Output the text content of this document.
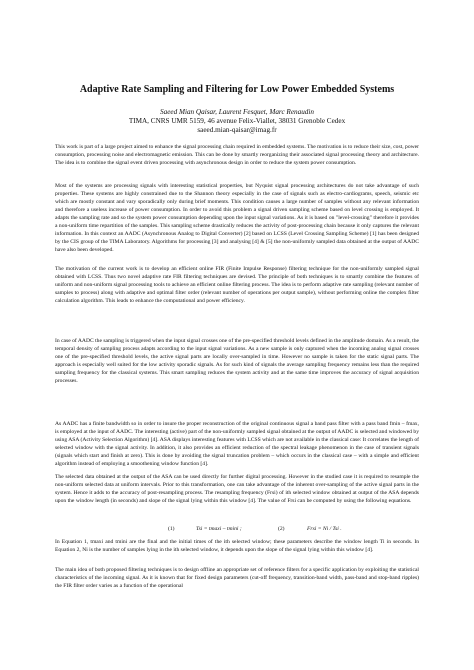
Adaptive Rate Sampling and Filtering for Low Power Embedded Systems
Saeed Mian Qaisar, Laurent Fesquet, Marc Renaudin
TIMA, CNRS UMR 5159, 46 avenue Felix-Viallet, 38031 Grenoble Cedex
saeed.mian-qaisar@imag.fr

This work is part of a large project aimed to enhance the signal processing chain required in embedded systems. The motivation is to reduce their size, cost, power consumption, processing noise and electromagnetic emission. This can be done by smartly reorganizing their associated signal processing theory and architecture. The idea is to combine the signal event driven processing with asynchronous design in order to reduce the system power consumption.

Most of the systems are processing signals with interesting statistical properties, but Nyquist signal processing architectures do not take advantage of such properties. These systems are highly constrained due to the Shannon theory especially in the case of signals such as electro-cardiograms, speech, seismic etc which are mostly constant and vary sporadically only during brief moments. This condition causes a large number of samples without any relevant information and therefore a useless increase of power consumption. In order to avoid this problem a signal driven sampling scheme based on level crossing is employed. It adapts the sampling rate and so the system power consumption depending upon the input signal variations. As it is based on "level-crossing" therefore it provides a non-uniform time repartition of the samples. This sampling scheme drastically reduces the activity of post-processing chain because it only captures the relevant information. In this context an AADC (Asynchronous Analog to Digital Converter) [2] based on LCSS (Level Crossing Sampling Scheme) [1] has been designed by the CIS group of the TIMA Laboratory. Algorithms for processing [3] and analysing [4] & [5] the non-uniformly sampled data obtained at the output of AADC have also been developed.

The motivation of the current work is to develop an efficient online FIR (Finite Impulse Response) filtering technique for the non-uniformly sampled signal obtained with LCSS. Thus two novel adaptive rate FIR filtering techniques are devised. The principle of both techniques is to smartly combine the features of uniform and non-uniform signal processing tools to achieve an efficient online filtering process. The idea is to perform adaptive rate sampling (relevant number of samples to process) along with adaptive and optimal filter order (relevant number of operations per output sample), without performing online the complex filter calculation algorithm. This leads to enhance the computational and power efficiency.

In case of AADC the sampling is triggered when the input signal crosses one of the pre-specified threshold levels defined in the amplitude domain. As a result, the temporal density of sampling process adapts according to the input signal variations. As a new sample is only captured when the incoming analog signal crosses one of the pre-specified threshold levels, the active signal parts are locally over-sampled in time. However no sample is taken for the static signal parts. The approach is especially well suited for the low activity sporadic signals. As for such kind of signals the average sampling frequency remains less than the required sampling frequency for the classical systems. This smart sampling reduces the system activity and at the same time improves the accuracy of signal acquisition processes.

As AADC has a finite bandwidth so in order to insure the proper reconstruction of the original continuous signal a band pass filter with a pass band fmin – fmax, is employed at the input of AADC. The interesting (active) part of the non-uniformly sampled signal obtained at the output of AADC is selected and windowed by using ASA (Activity Selection Algorithm) [4]. ASA displays interesting features with LCSS which are not available in the classical case: It correlates the length of selected window with the signal activity. In addition, it also provides an efficient reduction of the spectral leakage phenomenon in the case of transient signals (signals which start and finish at zero). This is done by avoiding the signal truncation problem – which occurs in the classical case – with a simple and efficient algorithm instead of employing a smoothening window function [4].

The selected data obtained at the output of the ASA can be used directly for further digital processing. However in the studied case it is required to resample the non-uniform selected data at uniform intervals. Prior to this transformation, one can take advantage of the inherent over-sampling of the active signal parts in the system. Hence it adds to the accuracy of post-resampling process. The resampling frequency (Frsi) of ith selected window obtained at output of the ASA depends upon the window length (in seconds) and slope of the signal lying within this window [4]. The value of Frsi can be computed by using the following equations.

(1)	Tsi = tmaxi – tmini ;	(2)	Frsi = Ni / Tsi .

In Equation 1, tmaxi and tmini are the final and the initial times of the ith selected window; these parameters describe the window length Ti in seconds. In Equation 2, Ni is the number of samples lying in the ith selected window, it depends upon the slope of the signal lying within this window [4].

The main idea of both proposed filtering techniques is to design offline an appropriate set of reference filters for a specific application by exploiting the statistical characteristics of the incoming signal. As it is known that for fixed design parameters (cut-off frequency, transition-band width, pass-band and stop-band ripples) the FIR filter order varies as a function of the operational
